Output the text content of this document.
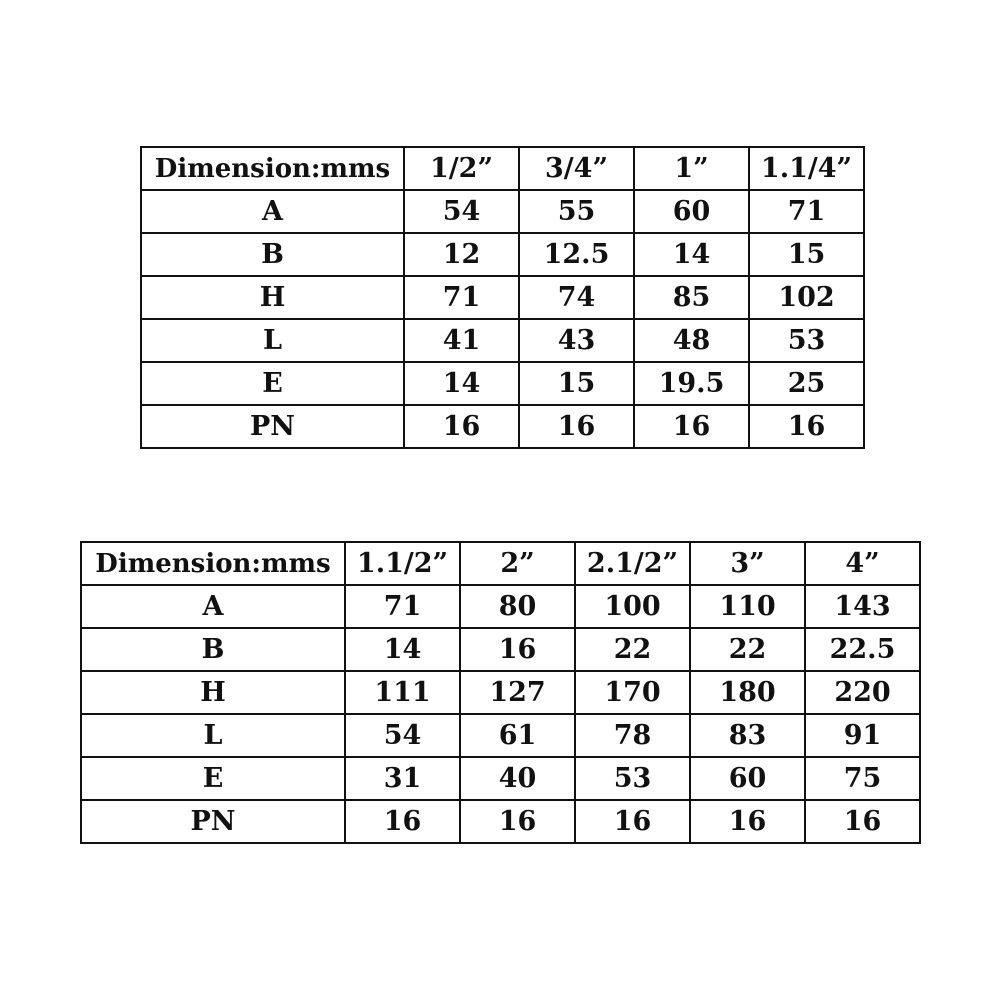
Dimension:mms	1/2”	3/4”	1”	1.1/4”
A	54	55	60	71
B	12	12.5	14	15
H	71	74	85	102
L	41	43	48	53
E	14	15	19.5	25
PN	16	16	16	16
Dimension:mms	1.1/2”	2”	2.1/2”	3”	4”
A	71	80	100	110	143
B	14	16	22	22	22.5
H	111	127	170	180	220
L	54	61	78	83	91
E	31	40	53	60	75
PN	16	16	16	16	16
